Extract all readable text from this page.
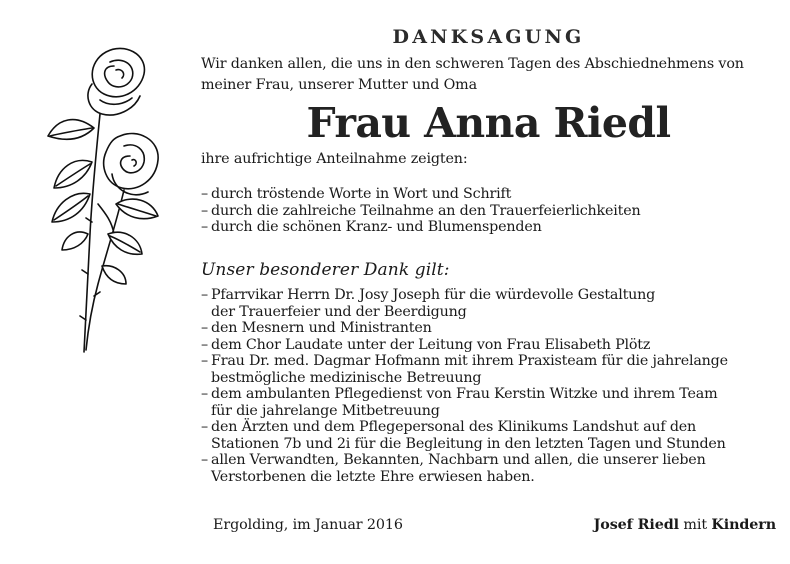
DANKSAGUNG
Wir danken allen, die uns in den schweren Tagen des Abschiednehmens von
meiner Frau, unserer Mutter und Oma
Frau Anna Riedl
ihre aufrichtige Anteilnahme zeigten:
– durch tröstende Worte in Wort und Schrift
– durch die zahlreiche Teilnahme an den Trauerfeierlichkeiten
– durch die schönen Kranz- und Blumenspenden
Unser besonderer Dank gilt:
– Pfarrvikar Herrn Dr. Josy Joseph für die würdevolle Gestaltung
der Trauerfeier und der Beerdigung
– den Mesnern und Ministranten
– dem Chor Laudate unter der Leitung von Frau Elisabeth Plötz
– Frau Dr. med. Dagmar Hofmann mit ihrem Praxisteam für die jahrelange
bestmögliche medizinische Betreuung
– dem ambulanten Pflegedienst von Frau Kerstin Witzke und ihrem Team
für die jahrelange Mitbetreuung
– den Ärzten und dem Pflegepersonal des Klinikums Landshut auf den
Stationen 7b und 2i für die Begleitung in den letzten Tagen und Stunden
– allen Verwandten, Bekannten, Nachbarn und allen, die unserer lieben
Verstorbenen die letzte Ehre erwiesen haben.
Ergolding, im Januar 2016	Josef Riedl mit Kindern
